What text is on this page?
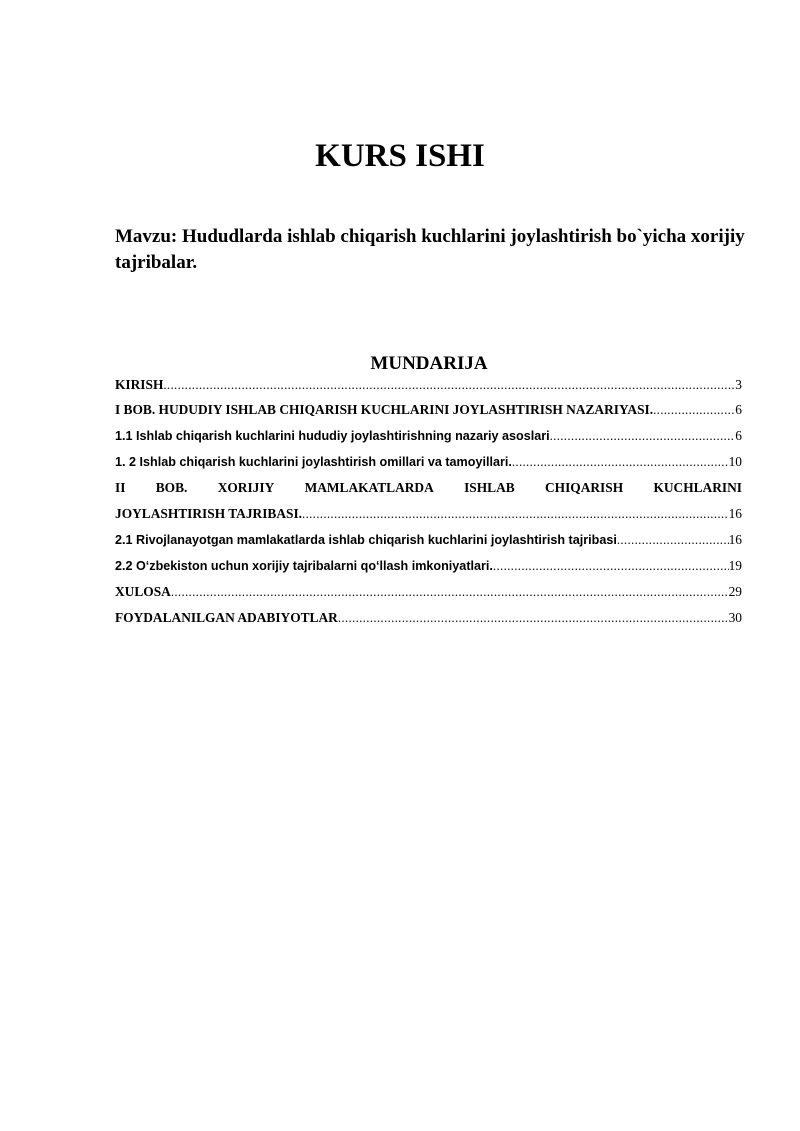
KURS ISHI

Mavzu: Hududlarda ishlab chiqarish kuchlarini joylashtirish bo`yicha xorijiy tajribalar.

MUNDARIJA
KIRISH .....	3
I BOB. HUDUDIY ISHLAB CHIQARISH KUCHLARINI JOYLASHTIRISH NAZARIYASI. .....	6
1.1 Ishlab chiqarish kuchlarini hududiy joylashtirishning nazariy asoslari .....	6
1. 2 Ishlab chiqarish kuchlarini joylashtirish omillari va tamoyillari. .....	10
II BOB. XORIJIY MAMLAKATLARDA ISHLAB CHIQARISH KUCHLARINI
JOYLASHTIRISH TAJRIBASI. .....	16
2.1 Rivojlanayotgan mamlakatlarda ishlab chiqarish kuchlarini joylashtirish tajribasi .....	16
2.2 O‘zbekiston uchun xorijiy tajribalarni qo‘llash imkoniyatlari. .....	19
XULOSA .....	29
FOYDALANILGAN ADABIYOTLAR .....	30
